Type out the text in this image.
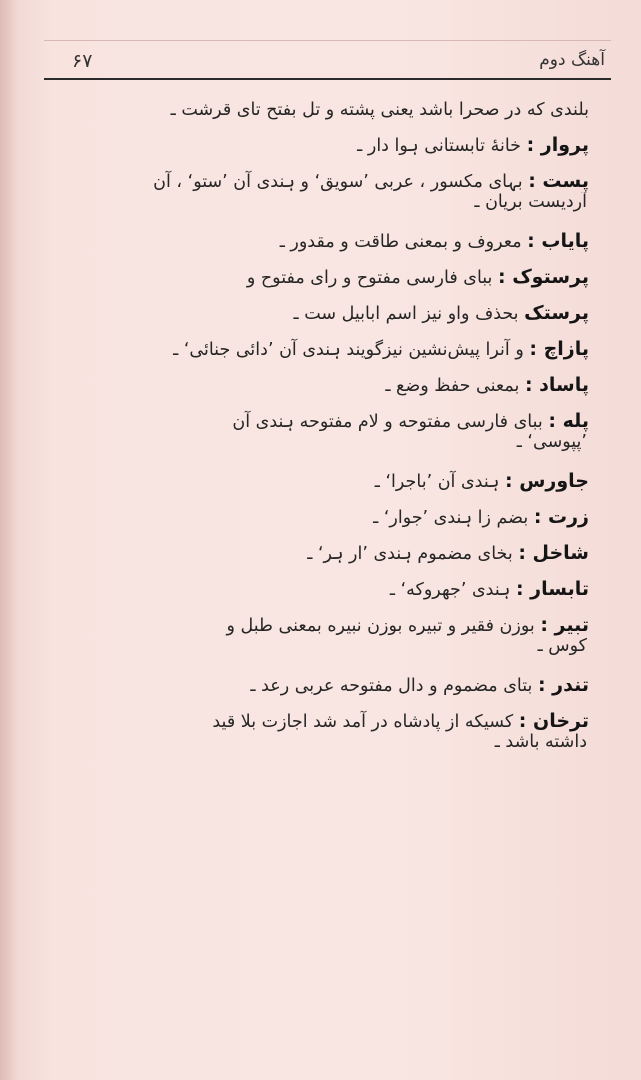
آهنگ دوم
۶۷
بلندی که در صحرا باشد یعنی پشته و تل بفتح تای قرشت ـ
پروار : خانهٔ تابستانی ہوا دار ـ
پست : بہای مکسور ، عربی ’سویق‘ و ہندی آن ’ستو‘ ، آن
آردیست بریان ـ
پایاب : معروف و بمعنی طاقت و مقدور ـ
پرستوک : ببای فارسی مفتوح و رای مفتوح و
پرستک بحذف واو نیز اسم ابابیل ست ـ
پازاچ : و آنرا پیش‌نشین نیزگویند ہندی آن ’دائی جنائی‘ ـ
پاساد : بمعنی حفظ وضع ـ
پله : ببای فارسی مفتوحه و لام مفتوحه ہندی آن
’پپوسی‘ ـ
جاورس : ہندی آن ’باجرا‘ ـ
زرت : بضم زا ہندی ’جوار‘ ـ
شاخل : بخای مضموم ہندی ’ار ہر‘ ـ
تابسار : ہندی ’جهروکه‘ ـ
تبیر : بوزن فقیر و تبیره بوزن نبیره بمعنی طبل و
کوس ـ
تندر : بتای مضموم و دال مفتوحه عربی رعد ـ
ترخان : کسیکه از پادشاه در آمد شد اجازت بلا قید
داشته باشد ـ
